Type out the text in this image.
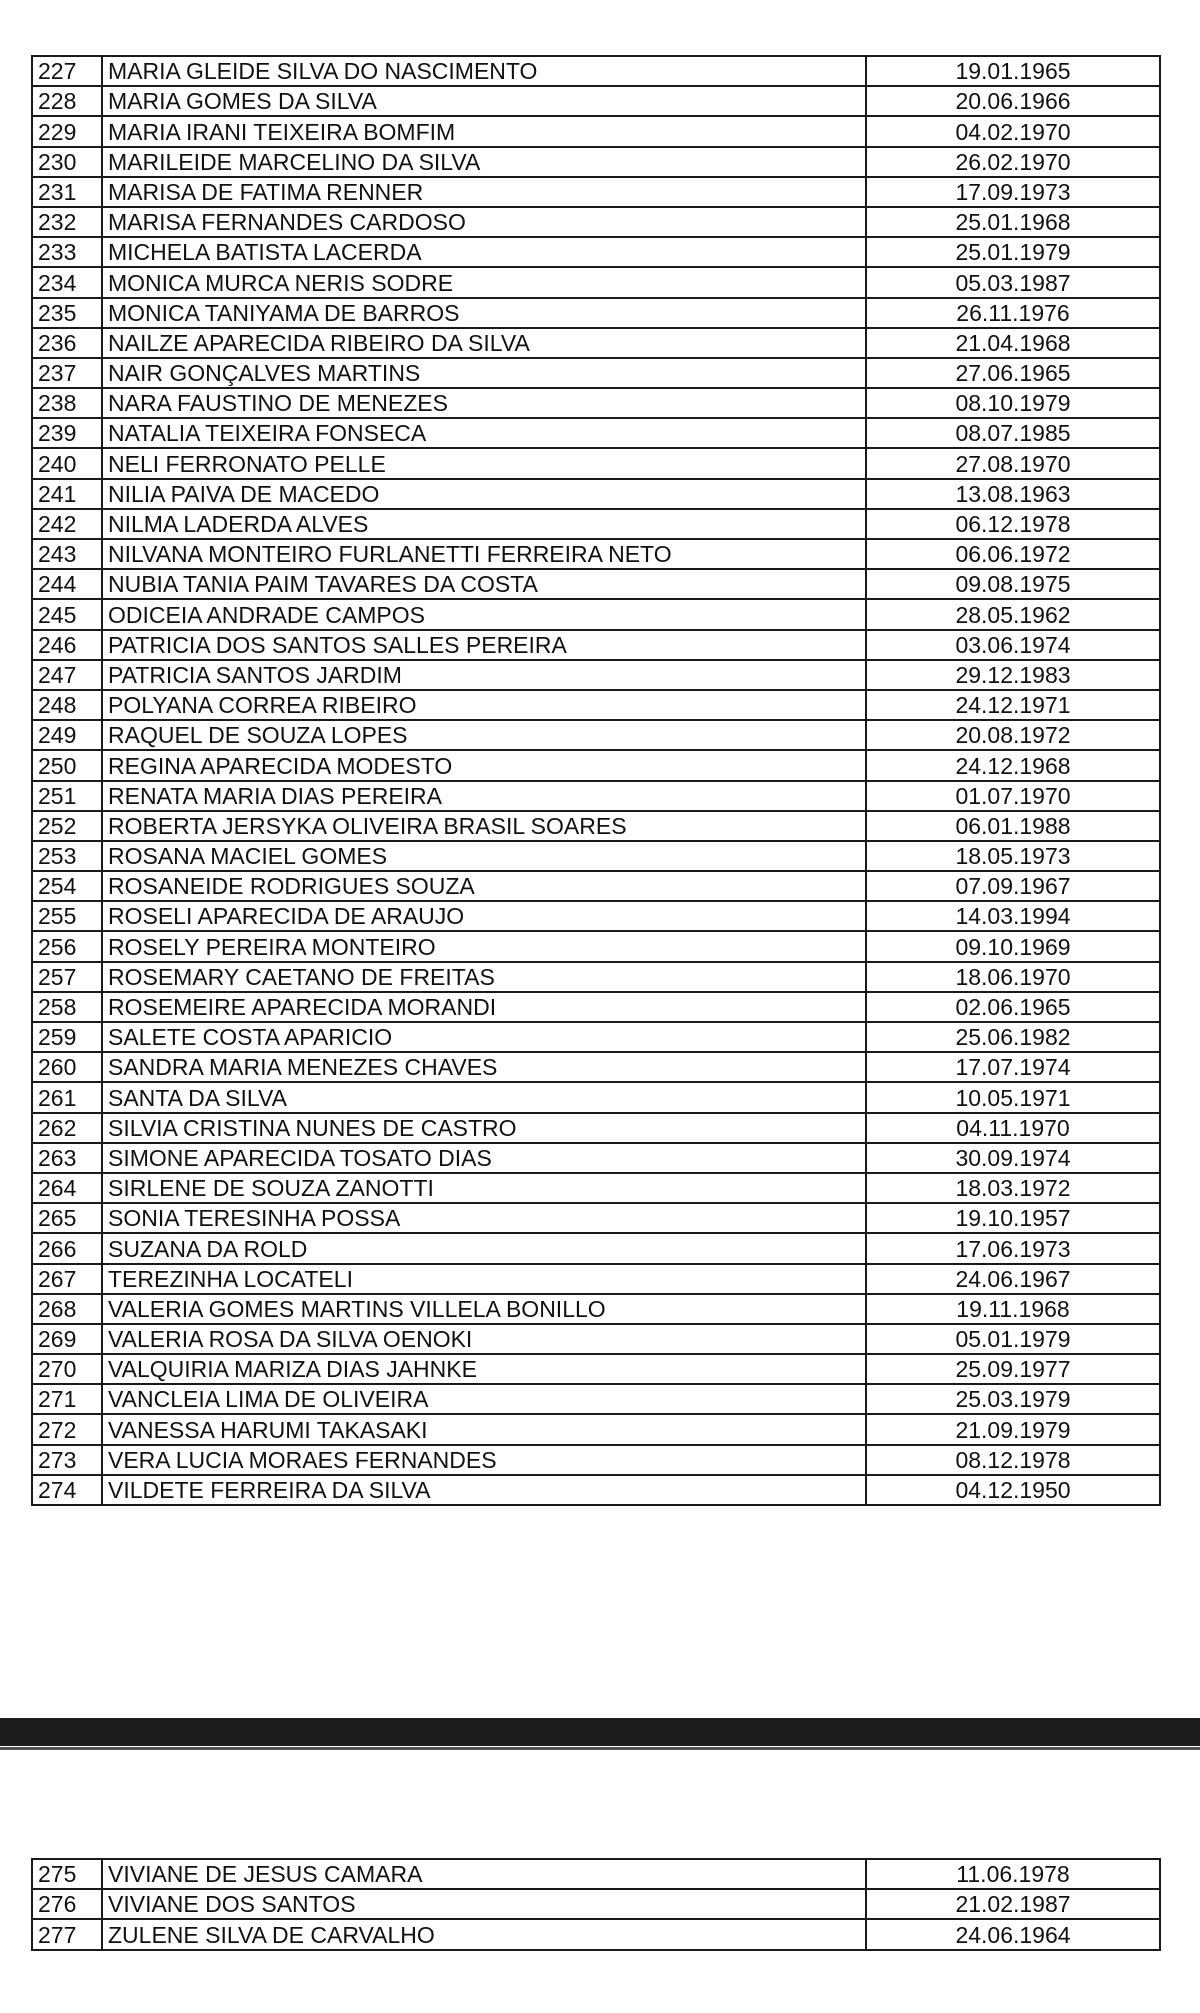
227	MARIA GLEIDE SILVA DO NASCIMENTO	19.01.1965
228	MARIA GOMES DA SILVA	20.06.1966
229	MARIA IRANI TEIXEIRA BOMFIM	04.02.1970
230	MARILEIDE MARCELINO DA SILVA	26.02.1970
231	MARISA DE FATIMA RENNER	17.09.1973
232	MARISA FERNANDES CARDOSO	25.01.1968
233	MICHELA BATISTA LACERDA	25.01.1979
234	MONICA MURCA NERIS SODRE	05.03.1987
235	MONICA TANIYAMA DE BARROS	26.11.1976
236	NAILZE APARECIDA RIBEIRO DA SILVA	21.04.1968
237	NAIR GONÇALVES MARTINS	27.06.1965
238	NARA FAUSTINO DE MENEZES	08.10.1979
239	NATALIA TEIXEIRA FONSECA	08.07.1985
240	NELI FERRONATO PELLE	27.08.1970
241	NILIA PAIVA DE MACEDO	13.08.1963
242	NILMA LADERDA ALVES	06.12.1978
243	NILVANA MONTEIRO FURLANETTI FERREIRA NETO	06.06.1972
244	NUBIA TANIA PAIM TAVARES DA COSTA	09.08.1975
245	ODICEIA ANDRADE CAMPOS	28.05.1962
246	PATRICIA DOS SANTOS SALLES PEREIRA	03.06.1974
247	PATRICIA SANTOS JARDIM	29.12.1983
248	POLYANA CORREA RIBEIRO	24.12.1971
249	RAQUEL DE SOUZA LOPES	20.08.1972
250	REGINA APARECIDA MODESTO	24.12.1968
251	RENATA MARIA DIAS PEREIRA	01.07.1970
252	ROBERTA JERSYKA OLIVEIRA BRASIL SOARES	06.01.1988
253	ROSANA MACIEL GOMES	18.05.1973
254	ROSANEIDE RODRIGUES SOUZA	07.09.1967
255	ROSELI APARECIDA DE ARAUJO	14.03.1994
256	ROSELY PEREIRA MONTEIRO	09.10.1969
257	ROSEMARY CAETANO DE FREITAS	18.06.1970
258	ROSEMEIRE APARECIDA MORANDI	02.06.1965
259	SALETE COSTA APARICIO	25.06.1982
260	SANDRA MARIA MENEZES CHAVES	17.07.1974
261	SANTA DA SILVA	10.05.1971
262	SILVIA CRISTINA NUNES DE CASTRO	04.11.1970
263	SIMONE APARECIDA TOSATO DIAS	30.09.1974
264	SIRLENE DE SOUZA ZANOTTI	18.03.1972
265	SONIA TERESINHA POSSA	19.10.1957
266	SUZANA DA ROLD	17.06.1973
267	TEREZINHA LOCATELI	24.06.1967
268	VALERIA GOMES MARTINS VILLELA BONILLO	19.11.1968
269	VALERIA ROSA DA SILVA OENOKI	05.01.1979
270	VALQUIRIA MARIZA DIAS JAHNKE	25.09.1977
271	VANCLEIA LIMA DE OLIVEIRA	25.03.1979
272	VANESSA HARUMI TAKASAKI	21.09.1979
273	VERA LUCIA MORAES FERNANDES	08.12.1978
274	VILDETE FERREIRA DA SILVA	04.12.1950
275	VIVIANE DE JESUS CAMARA	11.06.1978
276	VIVIANE DOS SANTOS	21.02.1987
277	ZULENE SILVA DE CARVALHO	24.06.1964
